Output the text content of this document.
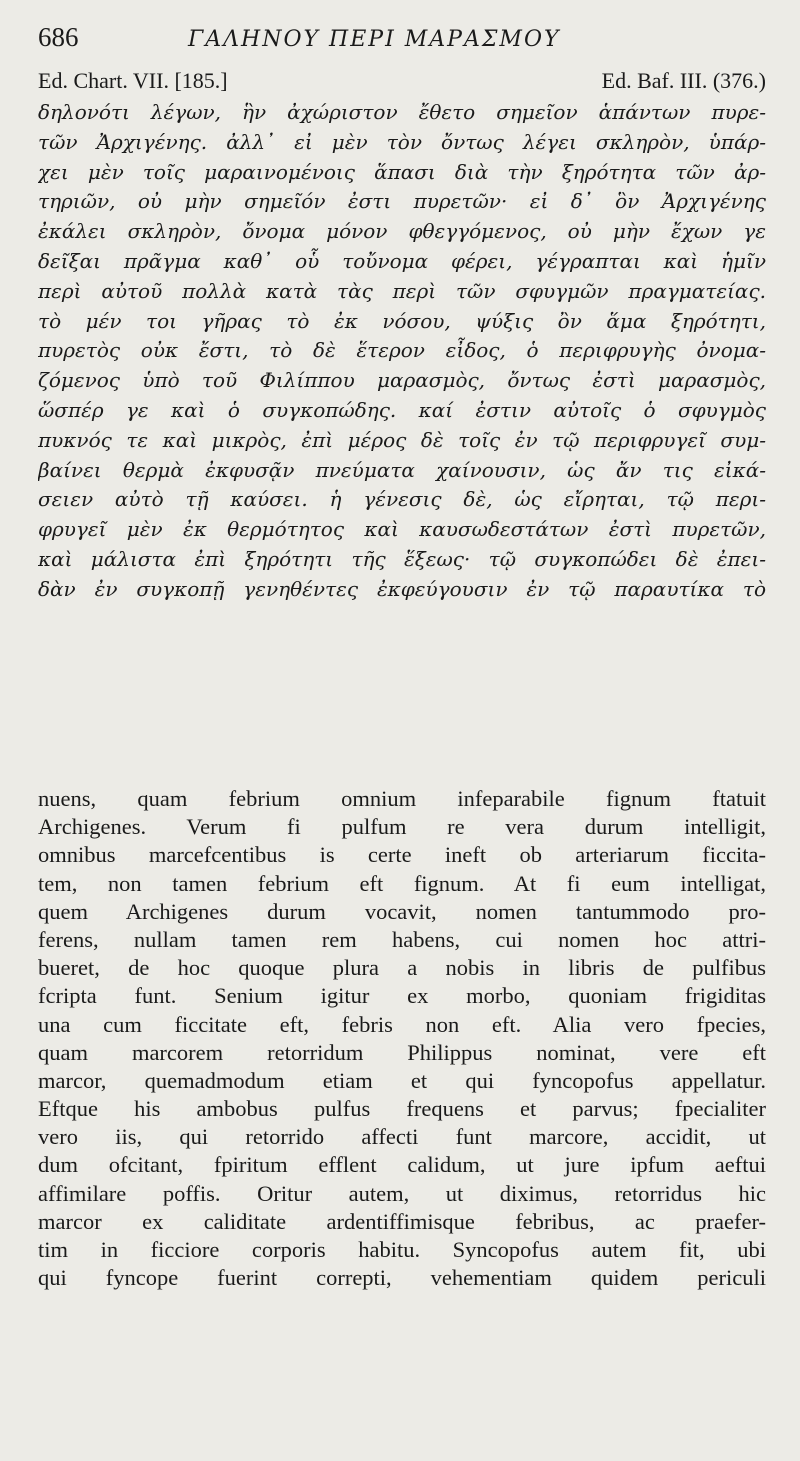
686	ΓΑΛΗΝΟΥ ΠΕΡΙ ΜΑΡΑΣΜΟΥ
Ed. Chart. VII. [185.]	Ed. Baf. III. (376.)
δηλονότι λέγων, ἣν ἀχώριστον ἔθετο σημεῖον ἁπάντων πυρε-
τῶν Ἀρχιγένης. ἀλλ᾽ εἰ μὲν τὸν ὄντως λέγει σκληρὸν, ὑπάρ-
χει μὲν τοῖς μαραινομένοις ἅπασι διὰ τὴν ξηρότητα τῶν ἀρ-
τηριῶν, οὐ μὴν σημεῖόν ἐστι πυρετῶν· εἰ δ᾽ ὃν Ἀρχιγένης
ἐκάλει σκληρὸν, ὄνομα μόνον φθεγγόμενος, οὐ μὴν ἔχων γε
δεῖξαι πρᾶγμα καθ᾽ οὗ τοὔνομα φέρει, γέγραπται καὶ ἡμῖν
περὶ αὐτοῦ πολλὰ κατὰ τὰς περὶ τῶν σφυγμῶν πραγματείας.
τὸ μέν τοι γῆρας τὸ ἐκ νόσου, ψύξις ὂν ἅμα ξηρότητι,
πυρετὸς οὐκ ἔστι, τὸ δὲ ἕτερον εἶδος, ὁ περιφρυγὴς ὀνομα-
ζόμενος ὑπὸ τοῦ Φιλίππου μαρασμὸς, ὄντως ἐστὶ μαρασμὸς,
ὥσπέρ γε καὶ ὁ συγκοπώδης. καί ἐστιν αὐτοῖς ὁ σφυγμὸς
πυκνός τε καὶ μικρὸς, ἐπὶ μέρος δὲ τοῖς ἐν τῷ περιφρυγεῖ συμ-
βαίνει θερμὰ ἐκφυσᾷν πνεύματα χαίνουσιν, ὡς ἄν τις εἰκά-
σειεν αὐτὸ τῇ καύσει. ἡ γένεσις δὲ, ὡς εἴρηται, τῷ περι-
φρυγεῖ μὲν ἐκ θερμότητος καὶ καυσωδεστάτων ἐστὶ πυρετῶν,
καὶ μάλιστα ἐπὶ ξηρότητι τῆς ἕξεως· τῷ συγκοπώδει δὲ ἐπει-
δὰν ἐν συγκοπῇ γενηθέντες ἐκφεύγουσιν ἐν τῷ παραυτίκα τὸ
nuens, quam febrium omnium infeparabile fignum ftatuit
Archigenes. Verum fi pulfum re vera durum intelligit,
omnibus marcefcentibus is certe ineft ob arteriarum ficcita-
tem, non tamen febrium eft fignum. At fi eum intelligat,
quem Archigenes durum vocavit, nomen tantummodo pro-
ferens, nullam tamen rem habens, cui nomen hoc attri-
bueret, de hoc quoque plura a nobis in libris de pulfibus
fcripta funt. Senium igitur ex morbo, quoniam frigiditas
una cum ficcitate eft, febris non eft. Alia vero fpecies,
quam marcorem retorridum Philippus nominat, vere eft
marcor, quemadmodum etiam et qui fyncopofus appellatur.
Eftque his ambobus pulfus frequens et parvus; fpecialiter
vero iis, qui retorrido affecti funt marcore, accidit, ut
dum ofcitant, fpiritum efflent calidum, ut jure ipfum aeftui
affimilare poffis. Oritur autem, ut diximus, retorridus hic
marcor ex caliditate ardentiffimisque febribus, ac praefer-
tim in ficciore corporis habitu. Syncopofus autem fit, ubi
qui fyncope fuerint correpti, vehementiam quidem periculi
